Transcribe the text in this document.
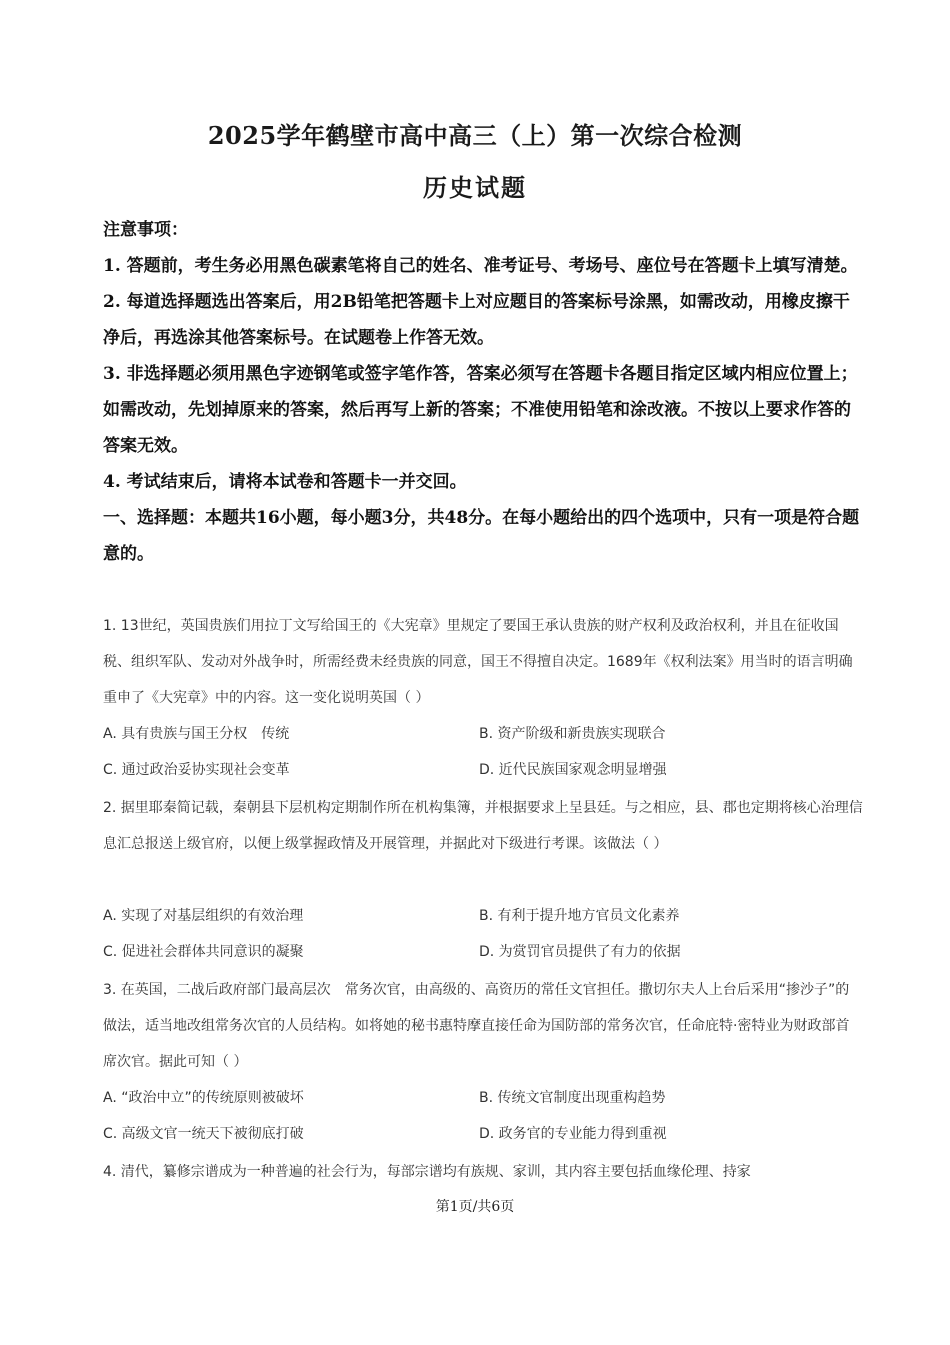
2025学年鹤壁市高中高三（上）第一次综合检测
历史试题

注意事项：

1. 答题前，考生务必用黑色碳素笔将自己的姓名、准考证号、考场号、座位号在答题卡上填写清楚。

2. 每道选择题选出答案后，用2B铅笔把答题卡上对应题目的答案标号涂黑，如需改动，用橡皮擦干净后，再选涂其他答案标号。在试题卷上作答无效。

3. 非选择题必须用黑色字迹钢笔或签字笔作答，答案必须写在答题卡各题目指定区域内相应位置上；如需改动，先划掉原来的答案，然后再写上新的答案；不准使用铅笔和涂改液。不按以上要求作答的答案无效。

4. 考试结束后，请将本试卷和答题卡一并交回。

一、选择题：本题共16小题，每小题3分，共48分。在每小题给出的四个选项中，只有一项是符合题意的。

1. 13世纪，英国贵族们用拉丁文写给国王的《大宪章》里规定了要国王承认贵族的财产权利及政治权利，并且在征收国税、组织军队、发动对外战争时，所需经费未经贵族的同意，国王不得擅自决定。1689年《权利法案》用当时的语言明确重申了《大宪章》中的内容。这一变化说明英国（ ）

A. 具有贵族与国王分权　传统	B. 资产阶级和新贵族实现联合
C. 通过政治妥协实现社会变革	D. 近代民族国家观念明显增强

2. 据里耶秦简记载，秦朝县下层机构定期制作所在机构集簿，并根据要求上呈县廷。与之相应，县、郡也定期将核心治理信息汇总报送上级官府，以便上级掌握政情及开展管理，并据此对下级进行考课。该做法（ ）

A. 实现了对基层组织的有效治理	B. 有利于提升地方官员文化素养
C. 促进社会群体共同意识的凝聚	D. 为赏罚官员提供了有力的依据

3. 在英国，二战后政府部门最高层次　常务次官，由高级的、高资历的常任文官担任。撒切尔夫人上台后采用“掺沙子”的做法，适当地改组常务次官的人员结构。如将她的秘书惠特摩直接任命为国防部的常务次官，任命庇特·密特业为财政部首席次官。据此可知（ ）

A. “政治中立”的传统原则被破坏	B. 传统文官制度出现重构趋势
C. 高级文官一统天下被彻底打破	D. 政务官的专业能力得到重视

4. 清代，纂修宗谱成为一种普遍的社会行为，每部宗谱均有族规、家训，其内容主要包括血缘伦理、持家

第1页/共6页
